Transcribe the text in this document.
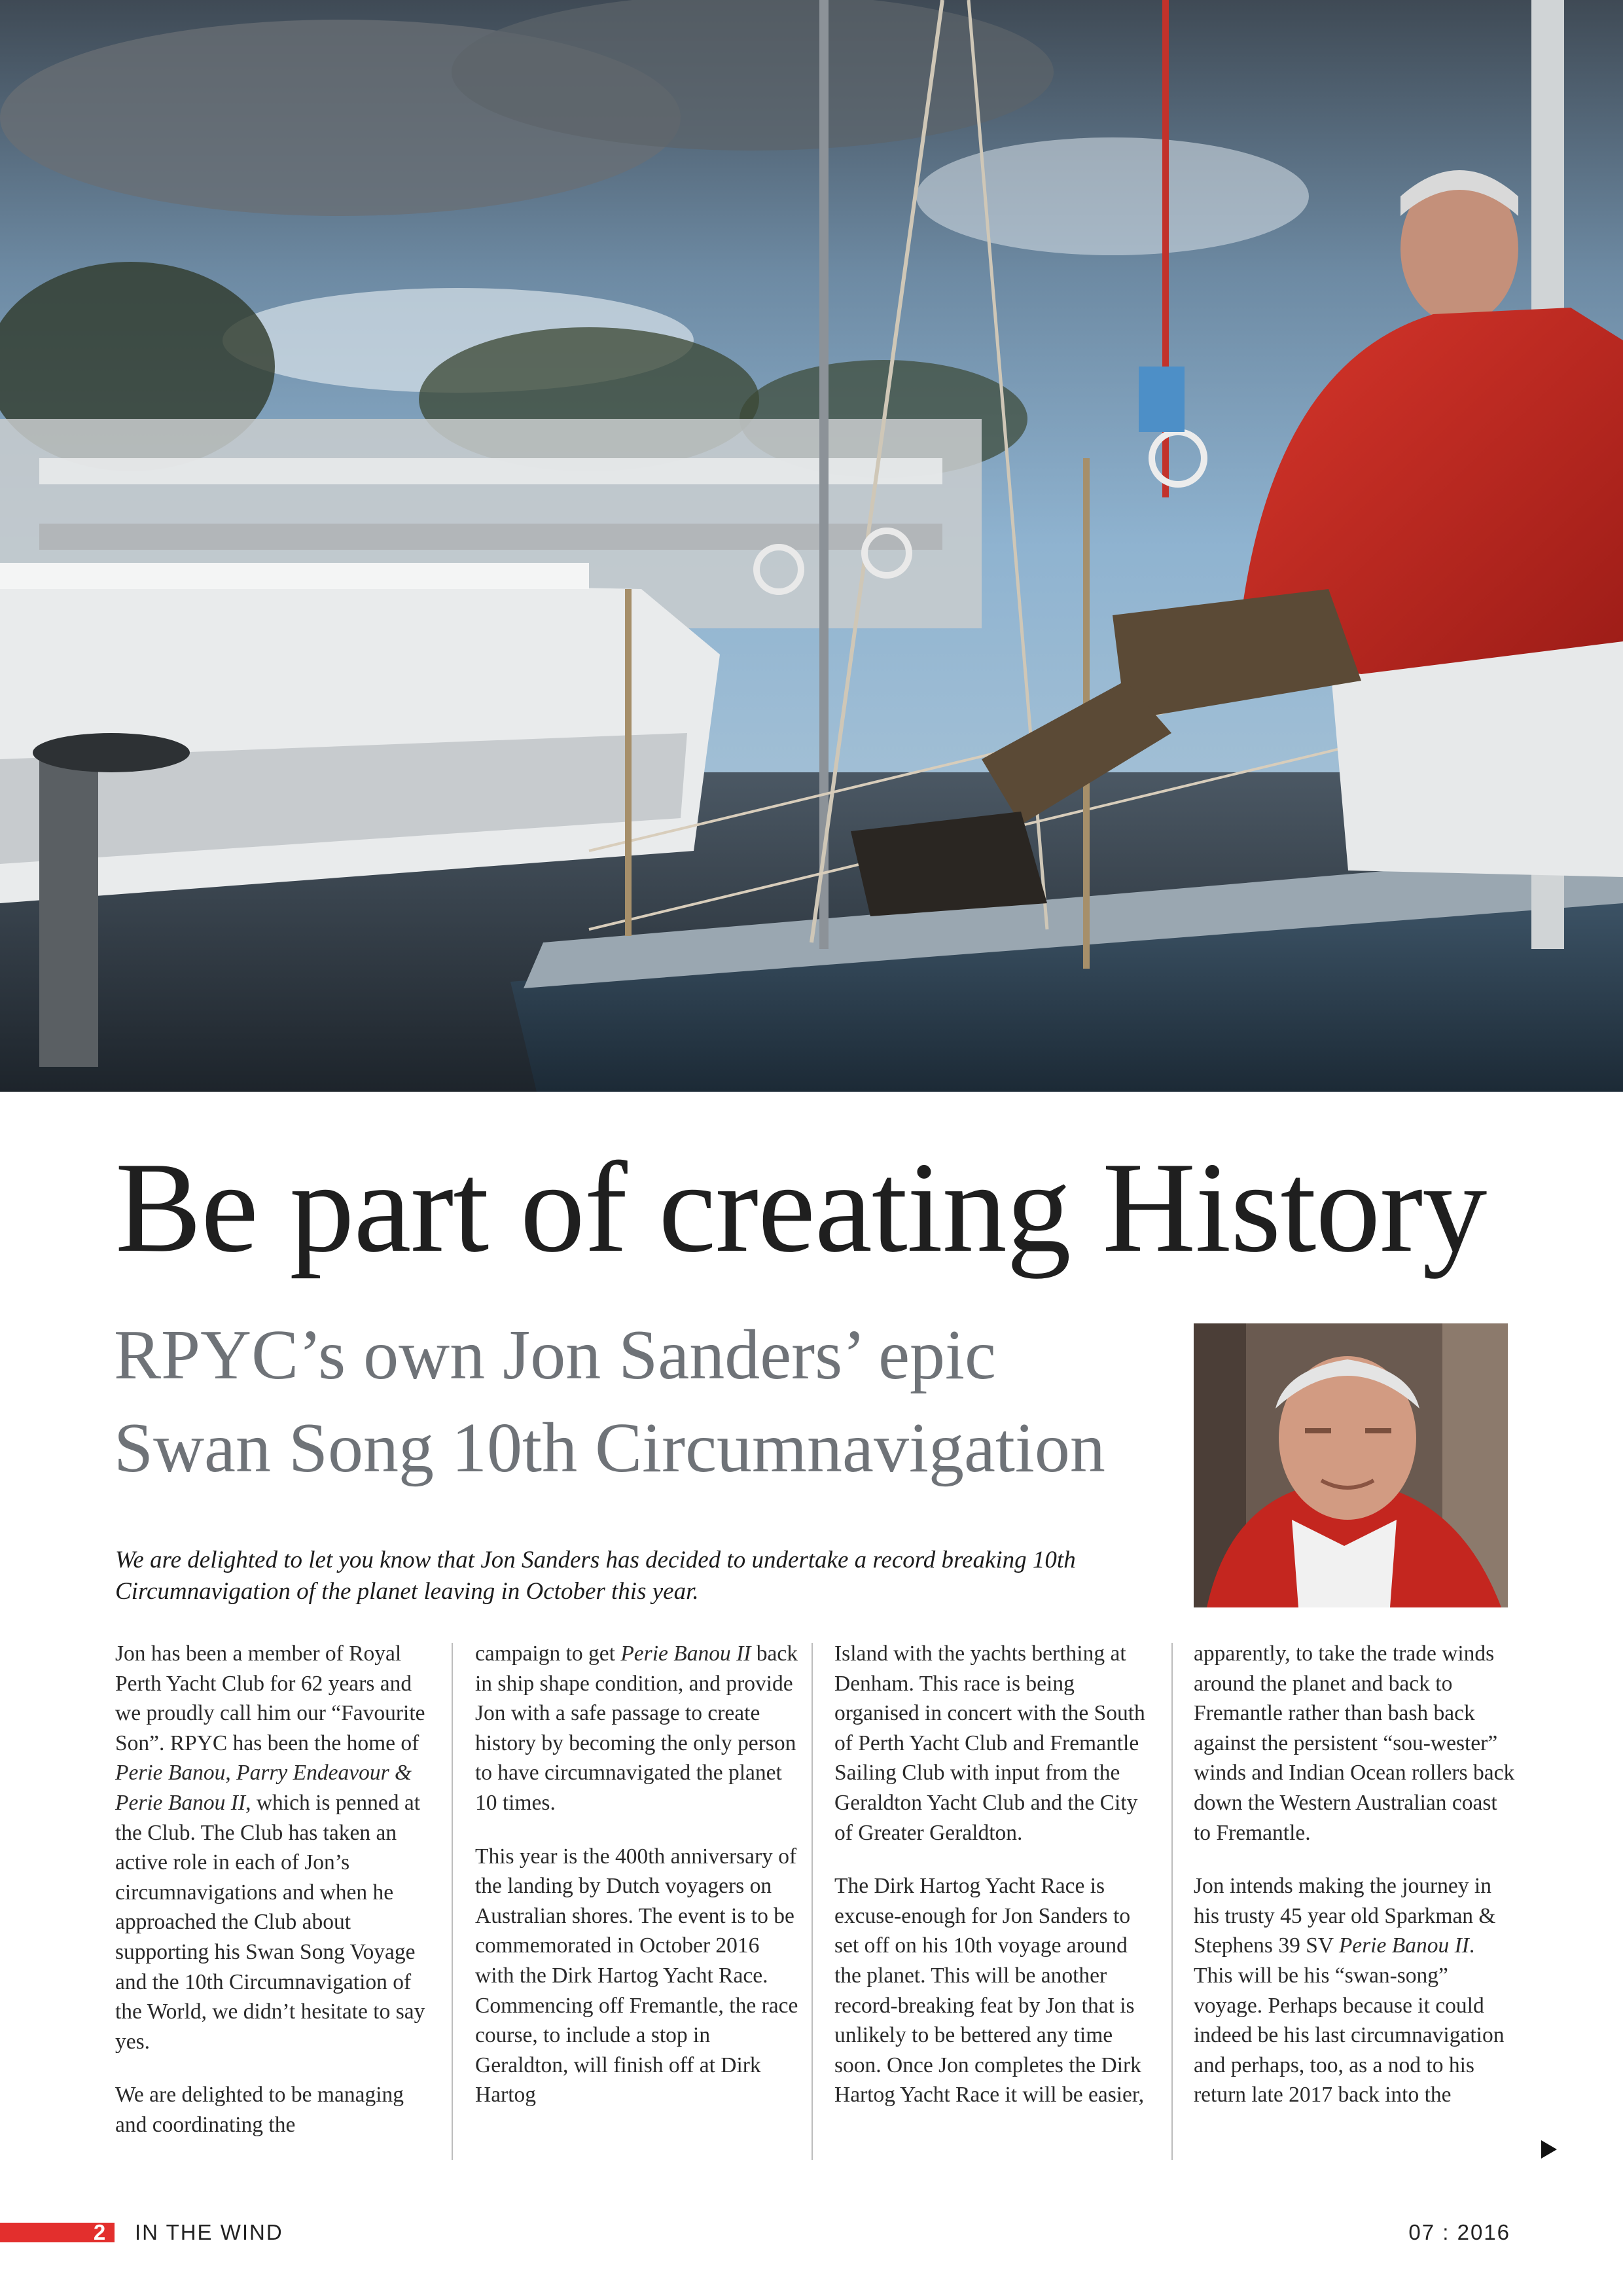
Be part of creating History
RPYC’s own Jon Sanders’ epic
Swan Song 10th Circumnavigation

We are delighted to let you know that Jon Sanders has decided to undertake a record breaking 10th Circumnavigation of the planet leaving in October this year.

Jon has been a member of Royal Perth Yacht Club for 62 years and we proudly call him our “Favourite Son”. RPYC has been the home of Perie Banou, Parry Endeavour & Perie Banou II, which is penned at the Club. The Club has taken an active role in each of Jon’s circumnavigations and when he approached the Club about supporting his Swan Song Voyage and the 10th Circumnavigation of the World, we didn’t hesitate to say yes.

We are delighted to be managing and coordinating the

campaign to get Perie Banou II back in ship shape condition, and provide Jon with a safe passage to create history by becoming the only person to have circumnavigated the planet 10 times.

This year is the 400th anniversary of the landing by Dutch voyagers on Australian shores. The event is to be commemorated in October 2016 with the Dirk Hartog Yacht Race. Commencing off Fremantle, the race course, to include a stop in Geraldton, will finish off at Dirk Hartog

Island with the yachts berthing at Denham. This race is being organised in concert with the South of Perth Yacht Club and Fremantle Sailing Club with input from the Geraldton Yacht Club and the City of Greater Geraldton.

The Dirk Hartog Yacht Race is excuse-enough for Jon Sanders to set off on his 10th voyage around the planet. This will be another record-breaking feat by Jon that is unlikely to be bettered any time soon. Once Jon completes the Dirk Hartog Yacht Race it will be easier,

apparently, to take the trade winds around the planet and back to Fremantle rather than bash back against the persistent “sou-wester” winds and Indian Ocean rollers back down the Western Australian coast to Fremantle.

Jon intends making the journey in his trusty 45 year old Sparkman & Stephens 39 SV Perie Banou II. This will be his “swan-song” voyage. Perhaps because it could indeed be his last circumnavigation and perhaps, too, as a nod to his return late 2017 back into the

2	IN THE WIND	07 : 2016
